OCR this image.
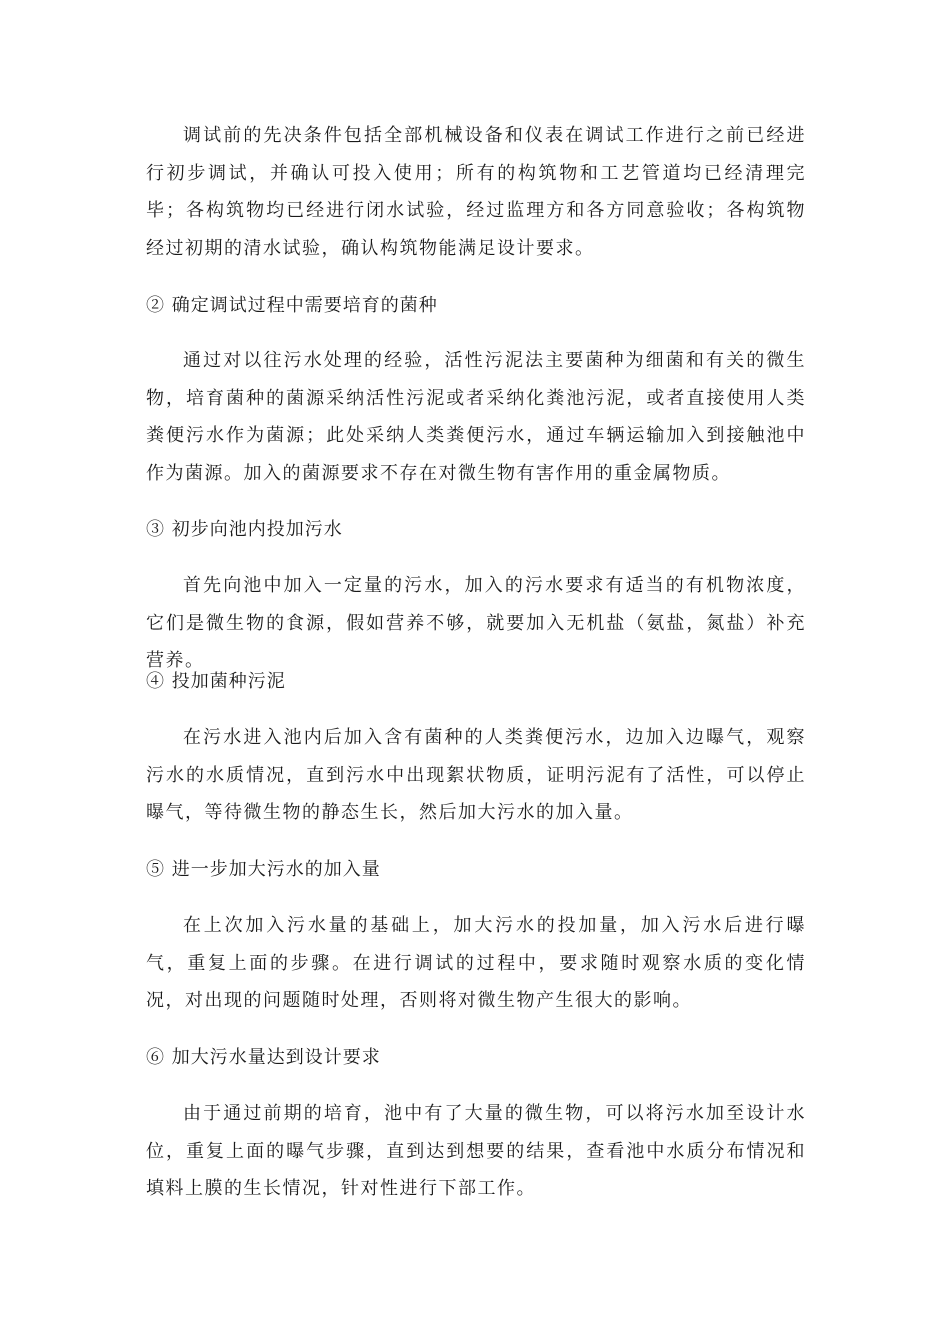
调试前的先决条件包括全部机械设备和仪表在调试工作进行之前已经进行初步调试，并确认可投入使用；所有的构筑物和工艺管道均已经清理完毕；各构筑物均已经进行闭水试验，经过监理方和各方同意验收；各构筑物经过初期的清水试验，确认构筑物能满足设计要求。

② 确定调试过程中需要培育的菌种

通过对以往污水处理的经验，活性污泥法主要菌种为细菌和有关的微生物，培育菌种的菌源采纳活性污泥或者采纳化粪池污泥，或者直接使用人类粪便污水作为菌源；此处采纳人类粪便污水，通过车辆运输加入到接触池中作为菌源。加入的菌源要求不存在对微生物有害作用的重金属物质。

③ 初步向池内投加污水

首先向池中加入一定量的污水，加入的污水要求有适当的有机物浓度，它们是微生物的食源，假如营养不够，就要加入无机盐（氨盐，氮盐）补充营养。

④ 投加菌种污泥

在污水进入池内后加入含有菌种的人类粪便污水，边加入边曝气，观察污水的水质情况，直到污水中出现絮状物质，证明污泥有了活性，可以停止曝气，等待微生物的静态生长，然后加大污水的加入量。

⑤ 进一步加大污水的加入量

在上次加入污水量的基础上，加大污水的投加量，加入污水后进行曝气，重复上面的步骤。在进行调试的过程中，要求随时观察水质的变化情况，对出现的问题随时处理，否则将对微生物产生很大的影响。

⑥ 加大污水量达到设计要求

由于通过前期的培育，池中有了大量的微生物，可以将污水加至设计水位，重复上面的曝气步骤，直到达到想要的结果，查看池中水质分布情况和填料上膜的生长情况，针对性进行下部工作。
